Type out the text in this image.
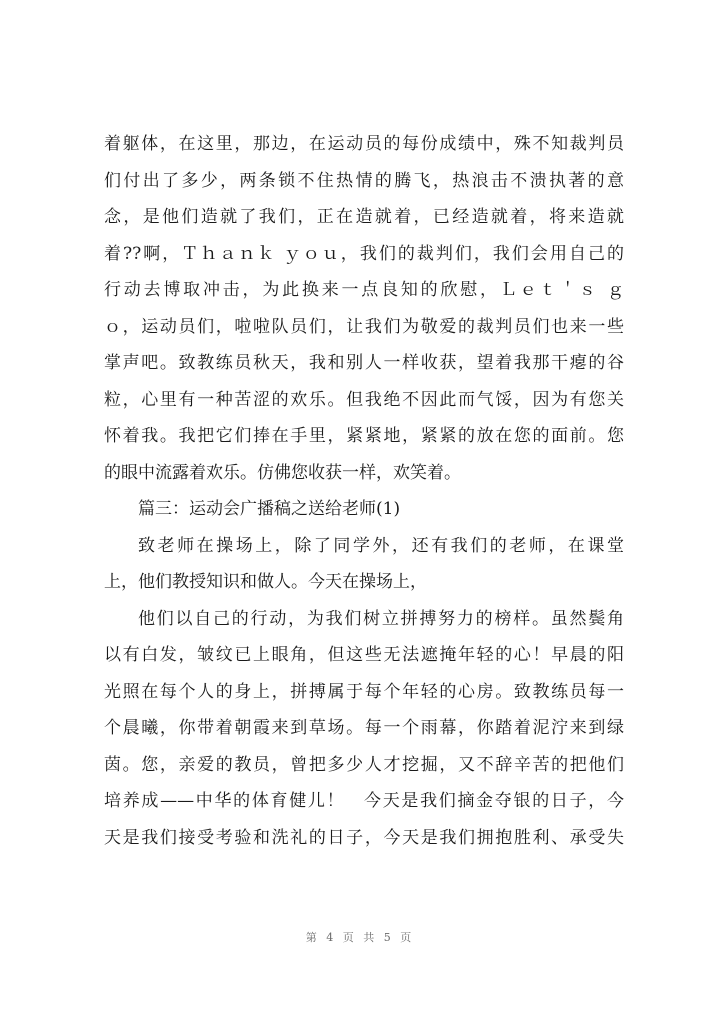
着躯体，在这里，那边，在运动员的每份成绩中，殊不知裁判员
们付出了多少，两条锁不住热情的腾飞，热浪击不溃执著的意
念，是他们造就了我们，正在造就着，已经造就着，将来造就
着??啊，Ｔｈａｎｋ ｙｏｕ，我们的裁判们，我们会用自己的
行动去博取冲击，为此换来一点良知的欣慰，Ｌｅｔ＇ｓ ｇ
ｏ，运动员们，啦啦队员们，让我们为敬爱的裁判员们也来一些
掌声吧。致教练员秋天，我和别人一样收获，望着我那干瘪的谷
粒，心里有一种苦涩的欢乐。但我绝不因此而气馁，因为有您关
怀着我。我把它们捧在手里，紧紧地，紧紧的放在您的面前。您
的眼中流露着欢乐。仿佛您收获一样，欢笑着。
篇三：运动会广播稿之送给老师(1)
致老师在操场上，除了同学外，还有我们的老师，在课堂
上，他们教授知识和做人。今天在操场上，
他们以自己的行动，为我们树立拼搏努力的榜样。虽然鬓角
以有白发，皱纹已上眼角，但这些无法遮掩年轻的心！早晨的阳
光照在每个人的身上，拼搏属于每个年轻的心房。致教练员每一
个晨曦，你带着朝霞来到草场。每一个雨幕，你踏着泥泞来到绿
茵。您，亲爱的教员，曾把多少人才挖掘，又不辞辛苦的把他们
培养成——中华的体育健儿！　今天是我们摘金夺银的日子，今
天是我们接受考验和洗礼的日子，今天是我们拥抱胜利、承受失
第 4 页 共 5 页
